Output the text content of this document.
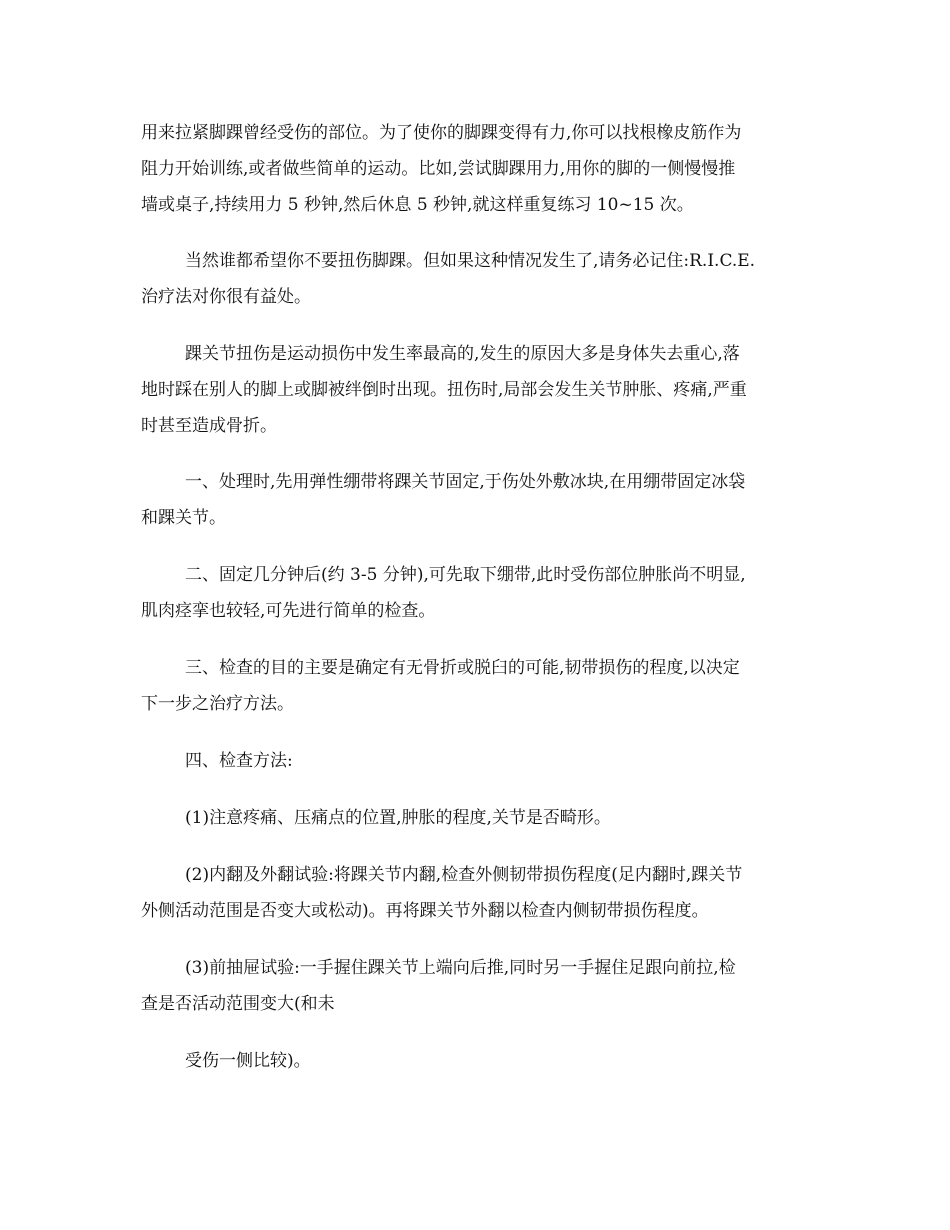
用来拉紧脚踝曾经受伤的部位。为了使你的脚踝变得有力,你可以找根橡皮筋作为
阻力开始训练,或者做些简单的运动。比如,尝试脚踝用力,用你的脚的一侧慢慢推
墙或桌子,持续用力 5 秒钟,然后休息 5 秒钟,就这样重复练习 10~15 次。

当然谁都希望你不要扭伤脚踝。但如果这种情况发生了,请务必记住:R.I.C.E.
治疗法对你很有益处。

踝关节扭伤是运动损伤中发生率最高的,发生的原因大多是身体失去重心,落
地时踩在别人的脚上或脚被绊倒时出现。扭伤时,局部会发生关节肿胀、疼痛,严重
时甚至造成骨折。

一、处理时,先用弹性绷带将踝关节固定,于伤处外敷冰块,在用绷带固定冰袋
和踝关节。

二、固定几分钟后(约 3-5 分钟),可先取下绷带,此时受伤部位肿胀尚不明显,
肌肉痉挛也较轻,可先进行简单的检查。

三、检查的目的主要是确定有无骨折或脱臼的可能,韧带损伤的程度,以决定
下一步之治疗方法。

四、检查方法:

(1)注意疼痛、压痛点的位置,肿胀的程度,关节是否畸形。

(2)内翻及外翻试验:将踝关节内翻,检查外侧韧带损伤程度(足内翻时,踝关节
外侧活动范围是否变大或松动)。再将踝关节外翻以检查内侧韧带损伤程度。

(3)前抽屉试验:一手握住踝关节上端向后推,同时另一手握住足跟向前拉,检
查是否活动范围变大(和未

受伤一侧比较)。
